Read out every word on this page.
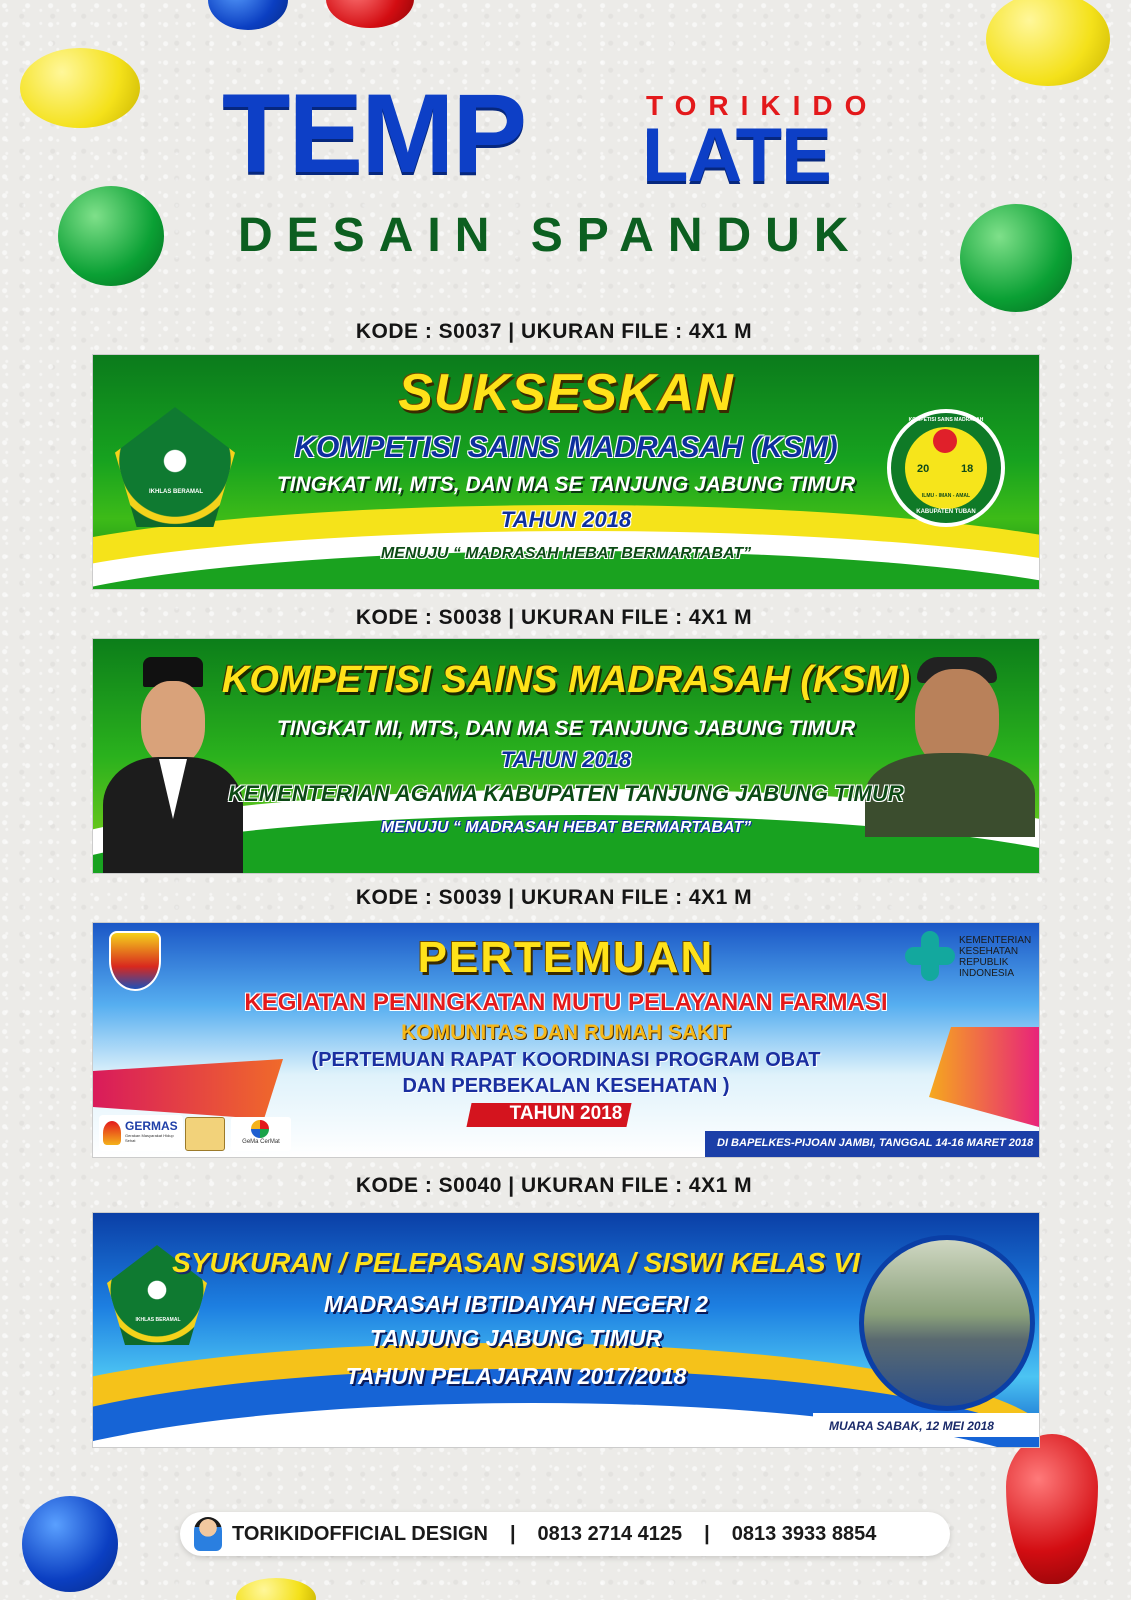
TEMP	TORIKIDO
LATE
DESAIN SPANDUK
KODE : S0037 | UKURAN FILE : 4X1 M
IKHLAS BERAMAL
KOMPETISI SAINS MADRASAH
20	18
ILMU - IMAN - AMAL
KABUPATEN TUBAN
SUKSESKAN
KOMPETISI SAINS MADRASAH (KSM)
TINGKAT MI, MTS, DAN MA SE TANJUNG JABUNG TIMUR
TAHUN 2018
MENUJU “ MADRASAH HEBAT BERMARTABAT”
KODE : S0038 | UKURAN FILE : 4X1 M
KOMPETISI SAINS MADRASAH (KSM)
TINGKAT MI, MTS, DAN MA SE TANJUNG JABUNG TIMUR
TAHUN 2018
KEMENTERIAN AGAMA KABUPATEN TANJUNG JABUNG TIMUR
MENUJU “ MADRASAH HEBAT BERMARTABAT”
KODE : S0039 | UKURAN FILE : 4X1 M
KEMENTERIAN
KESEHATAN
REPUBLIK
INDONESIA
PERTEMUAN
KEGIATAN PENINGKATAN MUTU PELAYANAN FARMASI
KOMUNITAS DAN RUMAH SAKIT
(PERTEMUAN RAPAT KOORDINASI PROGRAM OBAT
DAN PERBEKALAN KESEHATAN )
TAHUN 2018
GERMAS
Gerakan Masyarakat Hidup Sehat	GeMa CerMat	DI BAPELKES-PIJOAN JAMBI, TANGGAL 14-16 MARET 2018
KODE : S0040 | UKURAN FILE : 4X1 M
IKHLAS BERAMAL
MUARA SABAK, 12 MEI 2018
SYUKURAN / PELEPASAN SISWA / SISWI KELAS VI
MADRASAH IBTIDAIYAH NEGERI 2
TANJUNG JABUNG TIMUR
TAHUN PELAJARAN 2017/2018
TORIKIDOFFICIAL DESIGN | 0813 2714 4125 | 0813 3933 8854
